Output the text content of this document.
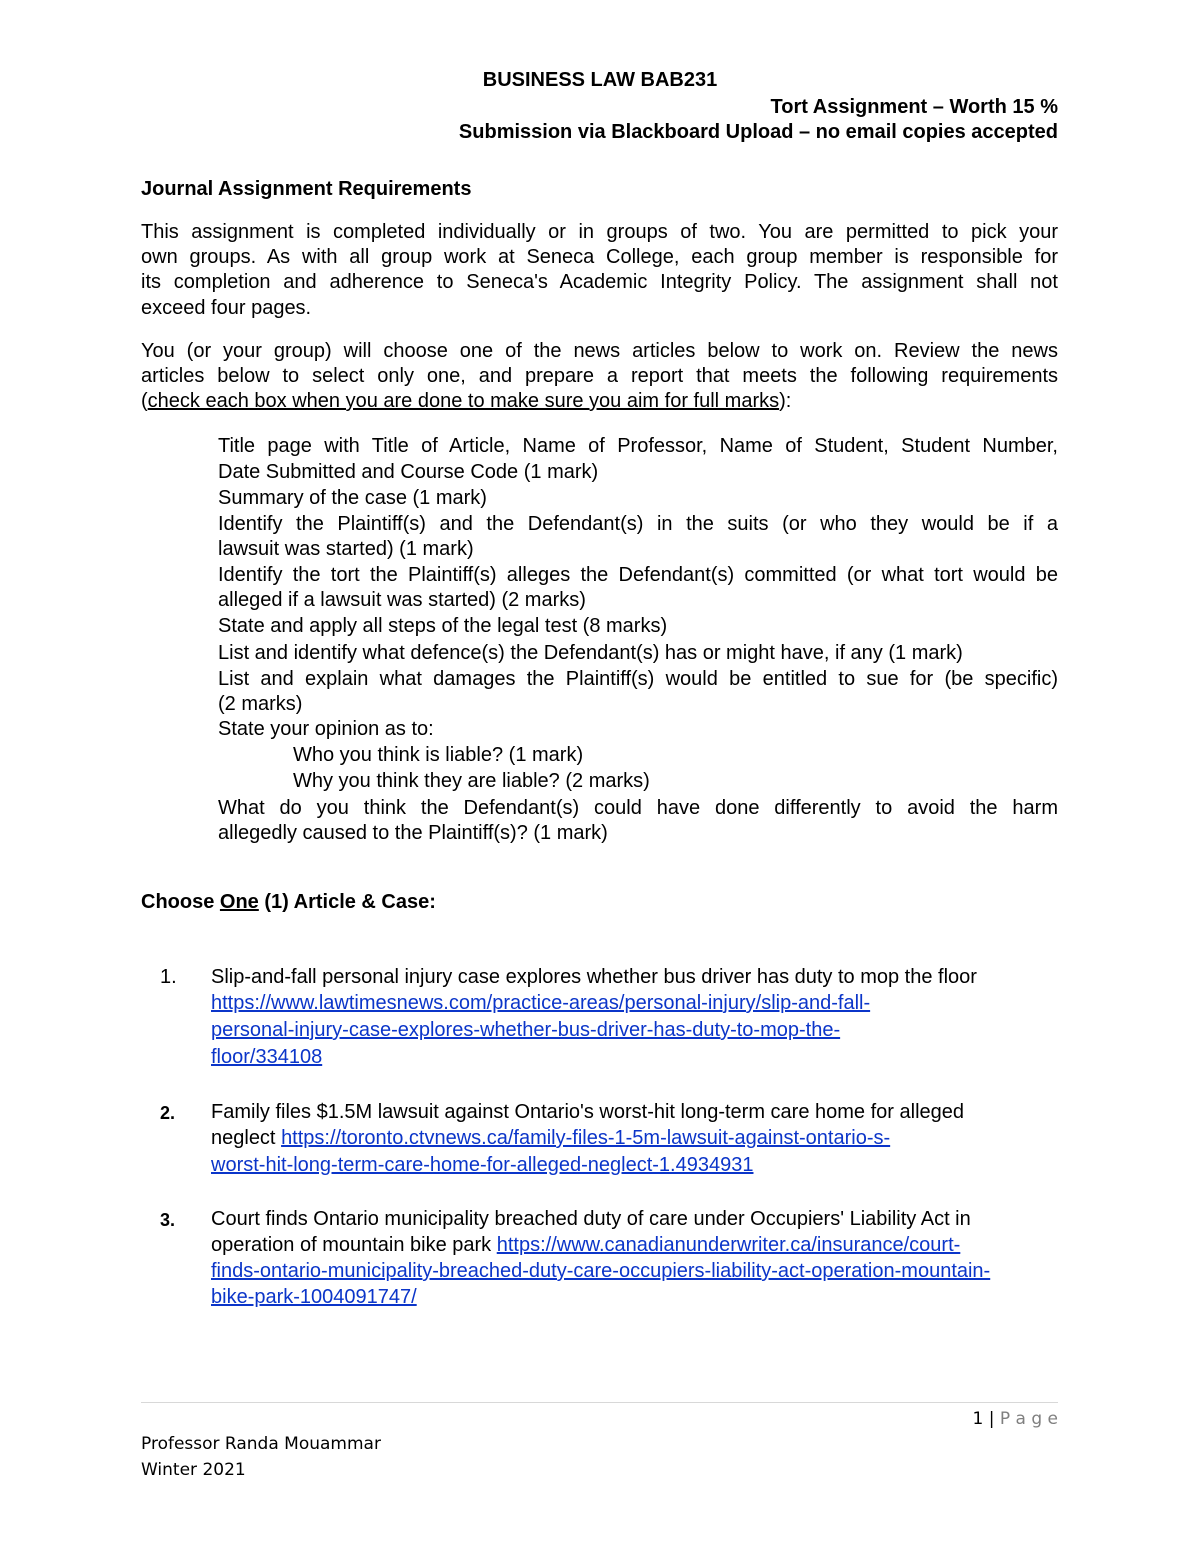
BUSINESS LAW BAB231
Tort Assignment – Worth 15 %
Submission via Blackboard Upload – no email copies accepted
Journal Assignment Requirements
This assignment is completed individually or in groups of two. You are permitted to pick your
own groups. As with all group work at Seneca College, each group member is responsible for
its completion and adherence to Seneca's Academic Integrity Policy. The assignment shall not
exceed four pages.
You (or your group) will choose one of the news articles below to work on. Review the news
articles below to select only one, and prepare a report that meets the following requirements
(check each box when you are done to make sure you aim for full marks):
Title page with Title of Article, Name of Professor, Name of Student, Student Number,
Date Submitted and Course Code (1 mark)
Summary of the case (1 mark)
Identify the Plaintiff(s) and the Defendant(s) in the suits (or who they would be if a
lawsuit was started) (1 mark)
Identify the tort the Plaintiff(s) alleges the Defendant(s) committed (or what tort would be
alleged if a lawsuit was started) (2 marks)
State and apply all steps of the legal test (8 marks)
List and identify what defence(s) the Defendant(s) has or might have, if any (1 mark)
List and explain what damages the Plaintiff(s) would be entitled to sue for (be specific)
(2 marks)
State your opinion as to:
Who you think is liable? (1 mark)
Why you think they are liable? (2 marks)
What do you think the Defendant(s) could have done differently to avoid the harm
allegedly caused to the Plaintiff(s)? (1 mark)
Choose One (1) Article & Case:
1. Slip-and-fall personal injury case explores whether bus driver has duty to mop the floor
https://www.lawtimesnews.com/practice-areas/personal-injury/slip-and-fall-
personal-injury-case-explores-whether-bus-driver-has-duty-to-mop-the-
floor/334108
2. Family files $1.5M lawsuit against Ontario's worst-hit long-term care home for alleged
neglect https://toronto.ctvnews.ca/family-files-1-5m-lawsuit-against-ontario-s-
worst-hit-long-term-care-home-for-alleged-neglect-1.4934931
3. Court finds Ontario municipality breached duty of care under Occupiers' Liability Act in
operation of mountain bike park https://www.canadianunderwriter.ca/insurance/court-
finds-ontario-municipality-breached-duty-care-occupiers-liability-act-operation-mountain-
bike-park-1004091747/
1 | P a g e
Professor Randa Mouammar
Winter 2021
